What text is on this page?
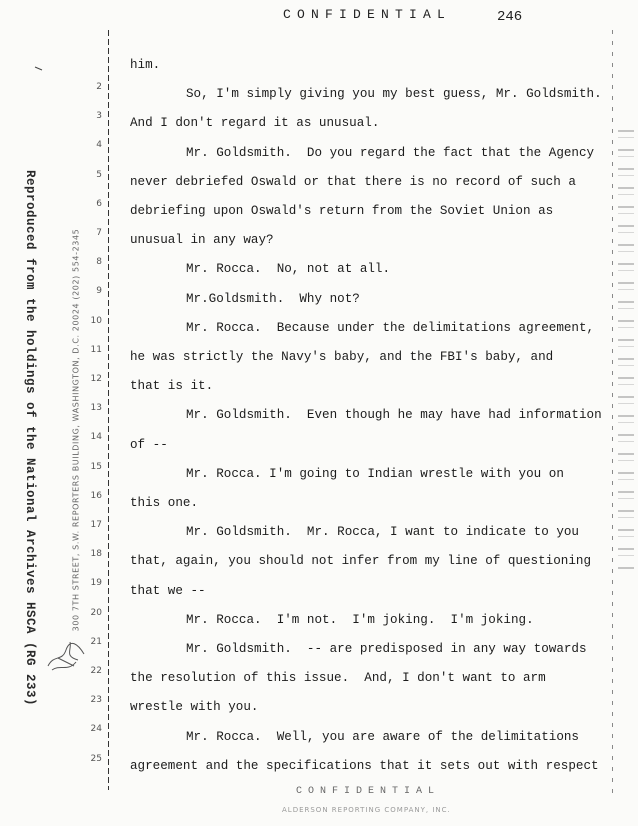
CONFIDENTIAL	246
Reproduced from the holdings of the National Archives HSCA (RG 233)	300 7TH STREET, S.W. REPORTERS BUILDING, WASHINGTON, D.C. 20024 (202) 554-2345
2
3
4
5
6
7
8
9
10
11
12
13
14
15
16
17
18
19
20
21
22
23
24
25
him.
So, I'm simply giving you my best guess, Mr. Goldsmith.
And I don't regard it as unusual.
Mr. Goldsmith.  Do you regard the fact that the Agency
never debriefed Oswald or that there is no record of such a
debriefing upon Oswald's return from the Soviet Union as
unusual in any way?
Mr. Rocca.  No, not at all.
Mr.Goldsmith.  Why not?
Mr. Rocca.  Because under the delimitations agreement,
he was strictly the Navy's baby, and the FBI's baby, and
that is it.
Mr. Goldsmith.  Even though he may have had information
of --
Mr. Rocca. I'm going to Indian wrestle with you on
this one.
Mr. Goldsmith.  Mr. Rocca, I want to indicate to you
that, again, you should not infer from my line of questioning
that we --
Mr. Rocca.  I'm not.  I'm joking.  I'm joking.
Mr. Goldsmith.  -- are predisposed in any way towards
the resolution of this issue.  And, I don't want to arm
wrestle with you.
Mr. Rocca.  Well, you are aware of the delimitations
agreement and the specifications that it sets out with respect
CONFIDENTIAL
ALDERSON REPORTING COMPANY, INC.
